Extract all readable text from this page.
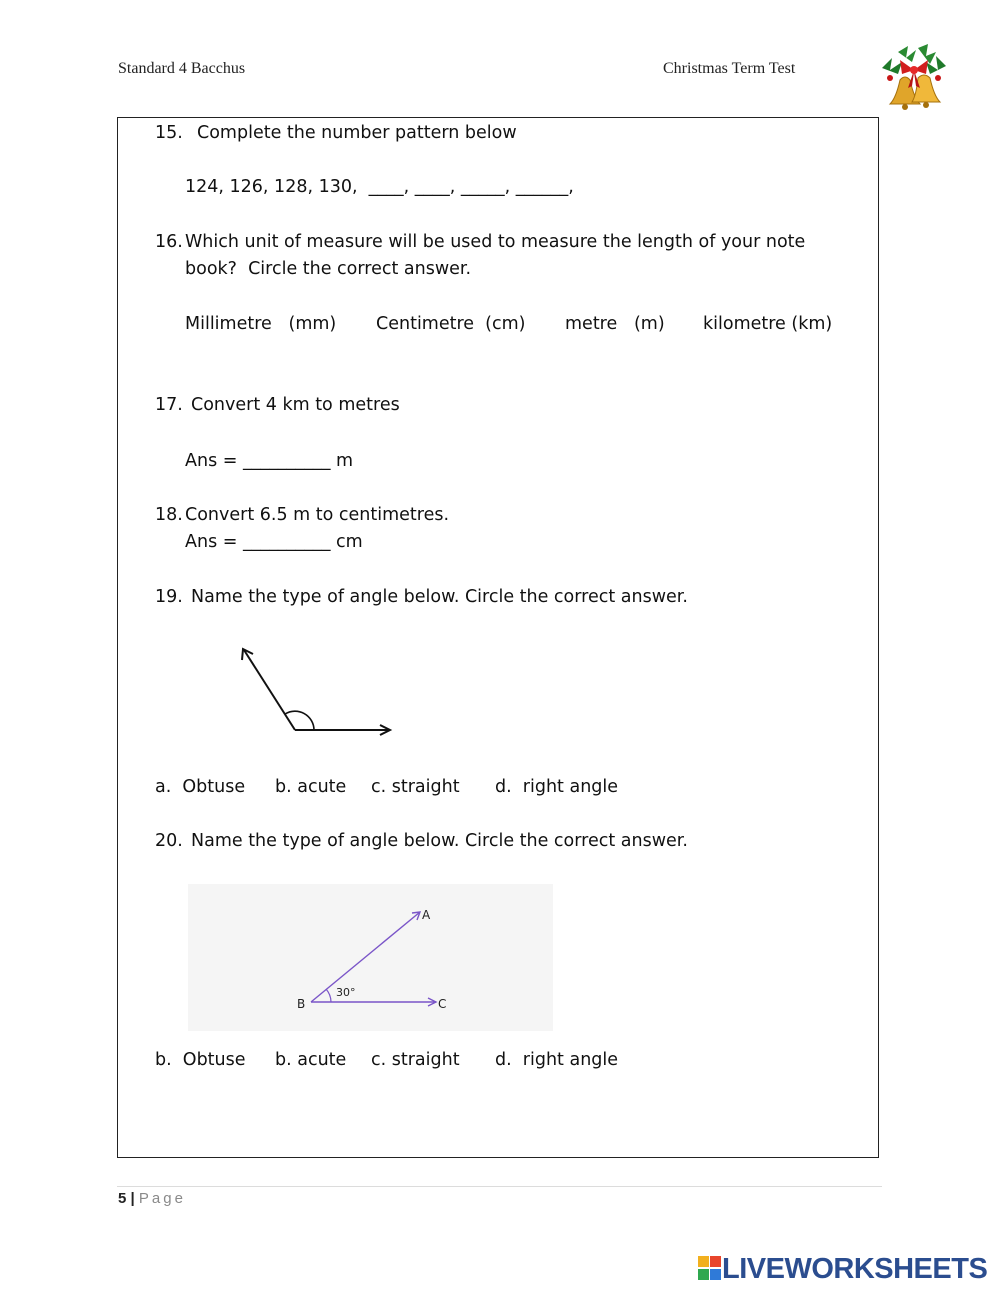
Standard 4 Bacchus	Christmas Term Test
15. Complete the number pattern below
124, 126, 128, 130,  ____, ____, _____, ______,
16. Which unit of measure will be used to measure the length of your note
book?  Circle the correct answer.
Millimetre   (mm) Centimetre  (cm) metre   (m) kilometre (km)
17. Convert 4 km to metres
Ans = __________ m
18. Convert 6.5 m to centimetres.
Ans = __________ cm
19. Name the type of angle below. Circle the correct answer.
a.  Obtuse b. acute c. straight d.  right angle
20. Name the type of angle below. Circle the correct answer.
B
A
C
30°
b.  Obtuse b. acute c. straight d.  right angle
5 | Page
LIVEWORKSHEETS
